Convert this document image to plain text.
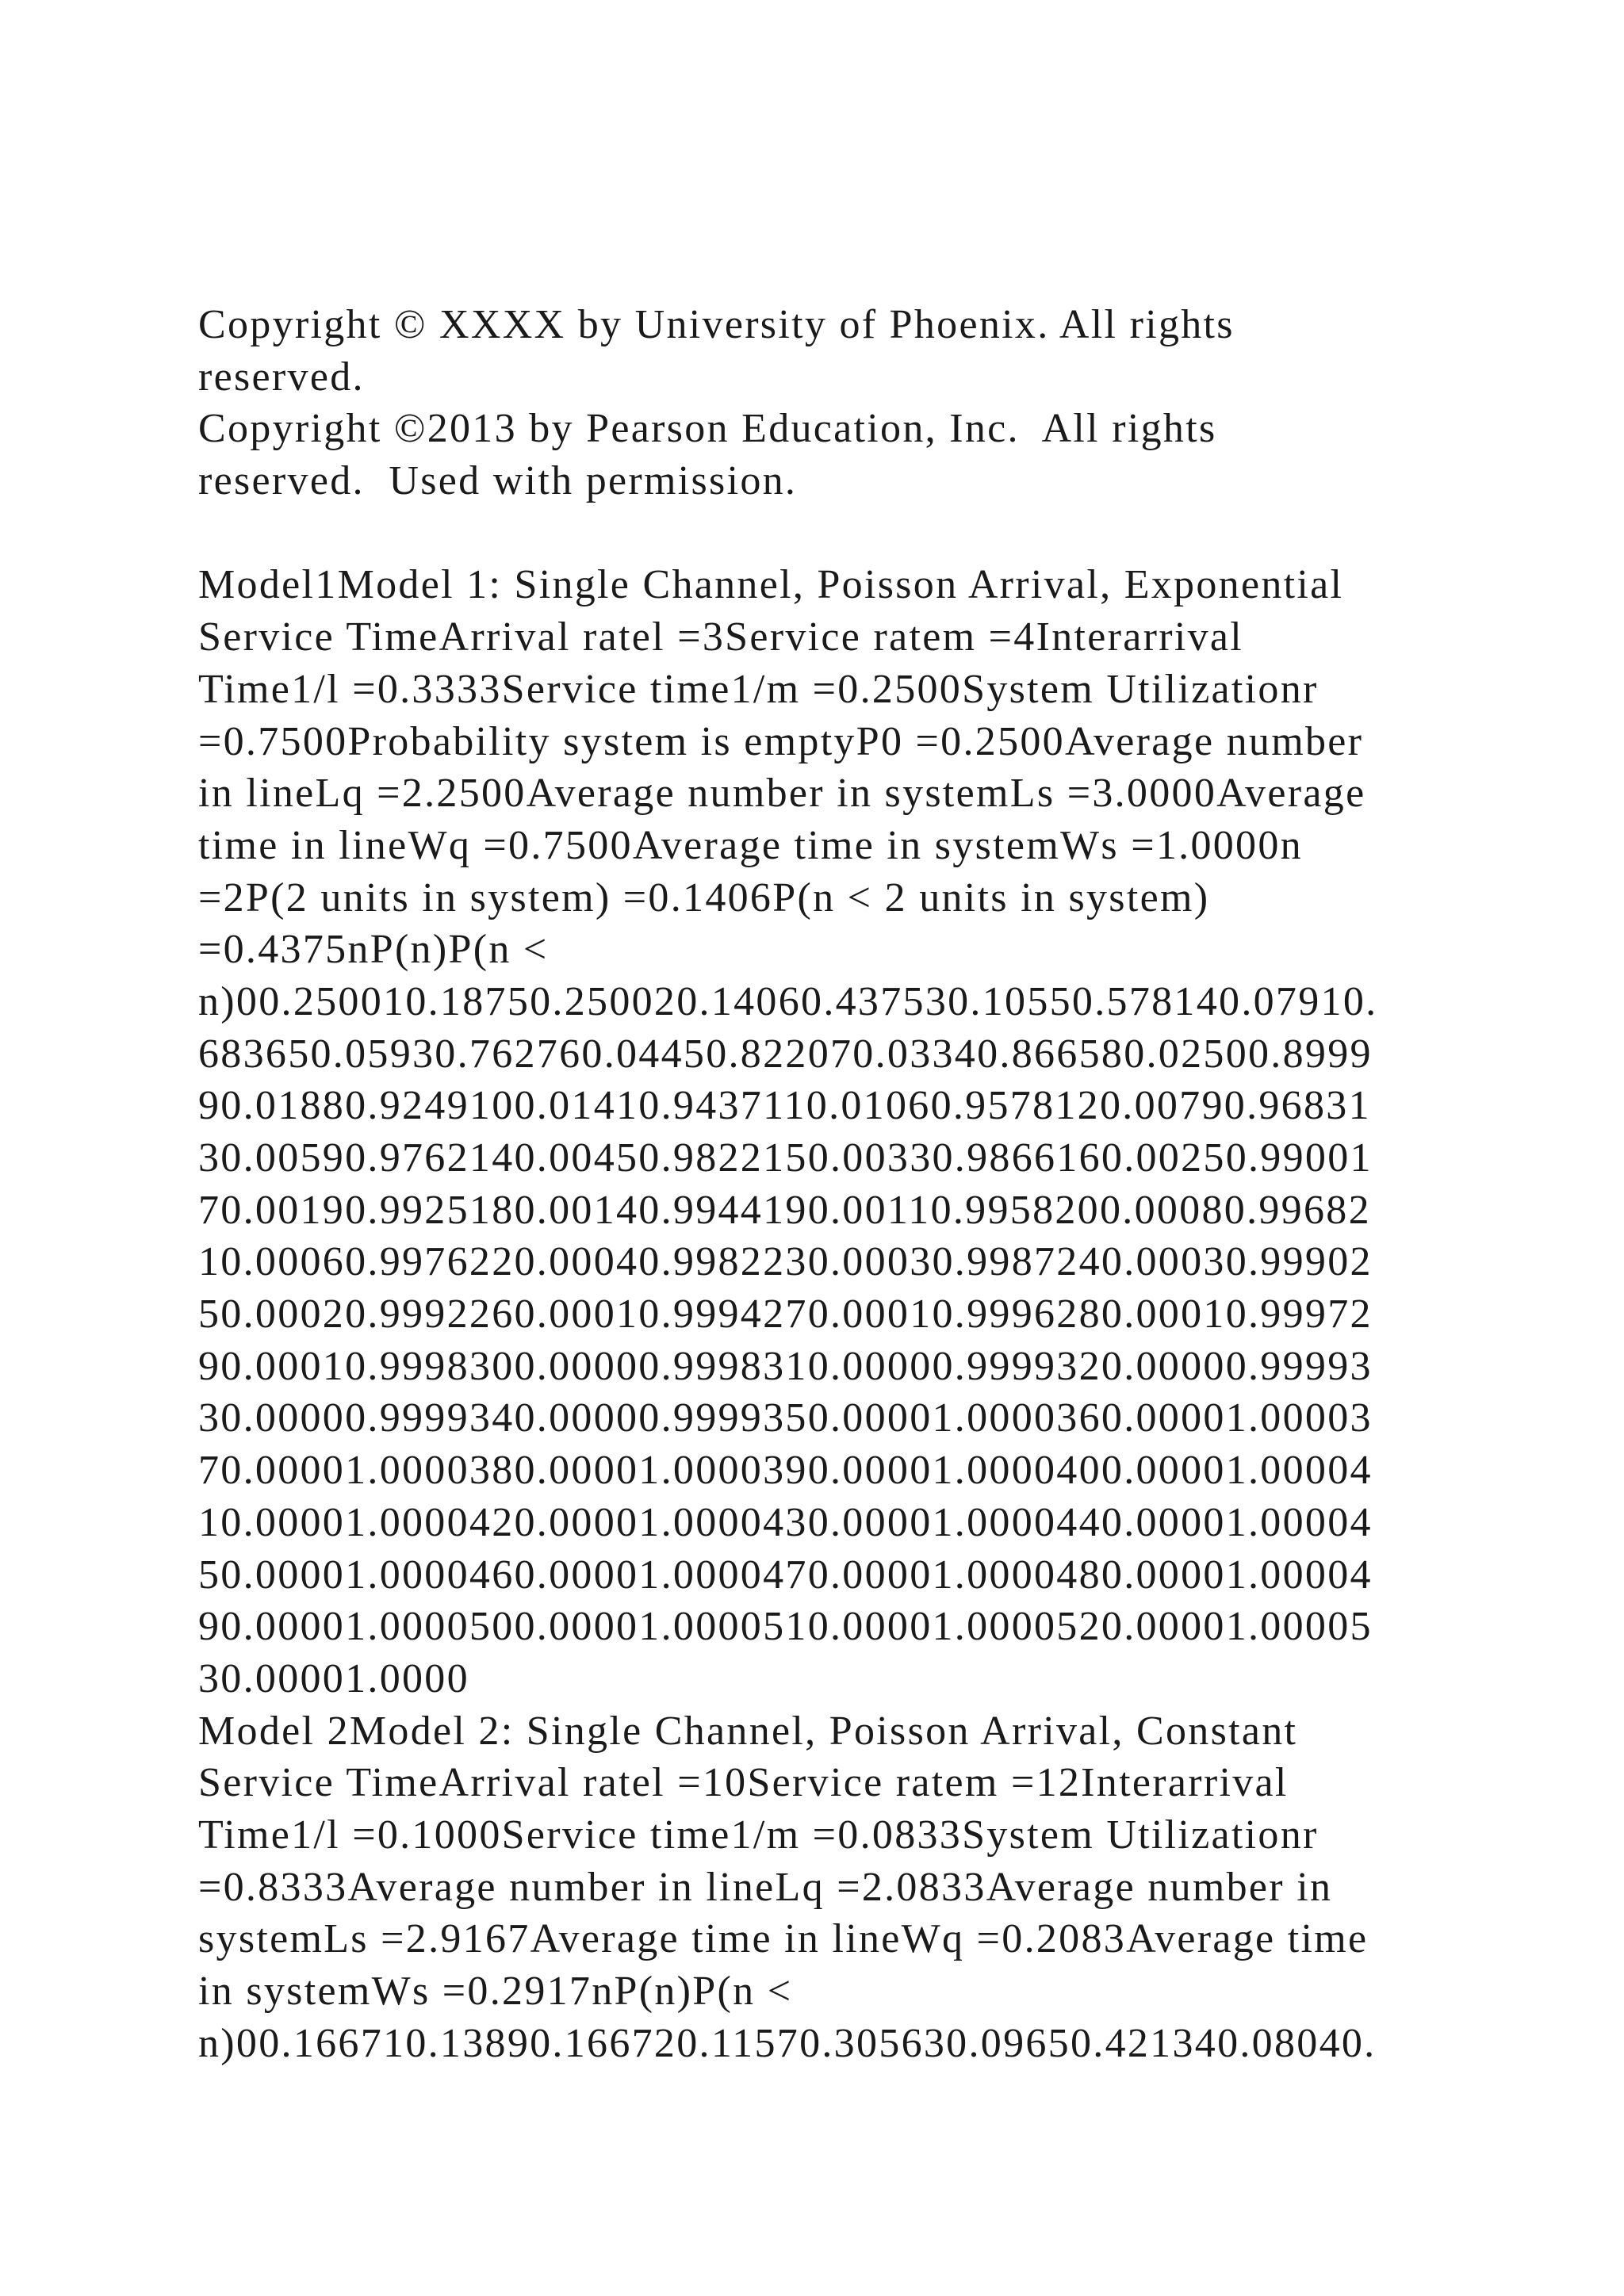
Copyright © XXXX by University of Phoenix. All rights
reserved.
Copyright ©2013 by Pearson Education, Inc.  All rights
reserved.  Used with permission.
Model1Model 1: Single Channel, Poisson Arrival, Exponential
Service TimeArrival ratel =3Service ratem =4Interarrival
Time1/l =0.3333Service time1/m =0.2500System Utilizationr
=0.7500Probability system is emptyP0 =0.2500Average number
in lineLq =2.2500Average number in systemLs =3.0000Average
time in lineWq =0.7500Average time in systemWs =1.0000n
=2P(2 units in system) =0.1406P(n < 2 units in system)
=0.4375nP(n)P(n <
n)00.250010.18750.250020.14060.437530.10550.578140.07910.
683650.05930.762760.04450.822070.03340.866580.02500.8999
90.01880.9249100.01410.9437110.01060.9578120.00790.96831
30.00590.9762140.00450.9822150.00330.9866160.00250.99001
70.00190.9925180.00140.9944190.00110.9958200.00080.99682
10.00060.9976220.00040.9982230.00030.9987240.00030.99902
50.00020.9992260.00010.9994270.00010.9996280.00010.99972
90.00010.9998300.00000.9998310.00000.9999320.00000.99993
30.00000.9999340.00000.9999350.00001.0000360.00001.00003
70.00001.0000380.00001.0000390.00001.0000400.00001.00004
10.00001.0000420.00001.0000430.00001.0000440.00001.00004
50.00001.0000460.00001.0000470.00001.0000480.00001.00004
90.00001.0000500.00001.0000510.00001.0000520.00001.00005
30.00001.0000
Model 2Model 2: Single Channel, Poisson Arrival, Constant
Service TimeArrival ratel =10Service ratem =12Interarrival
Time1/l =0.1000Service time1/m =0.0833System Utilizationr
=0.8333Average number in lineLq =2.0833Average number in
systemLs =2.9167Average time in lineWq =0.2083Average time
in systemWs =0.2917nP(n)P(n <
n)00.166710.13890.166720.11570.305630.09650.421340.08040.
